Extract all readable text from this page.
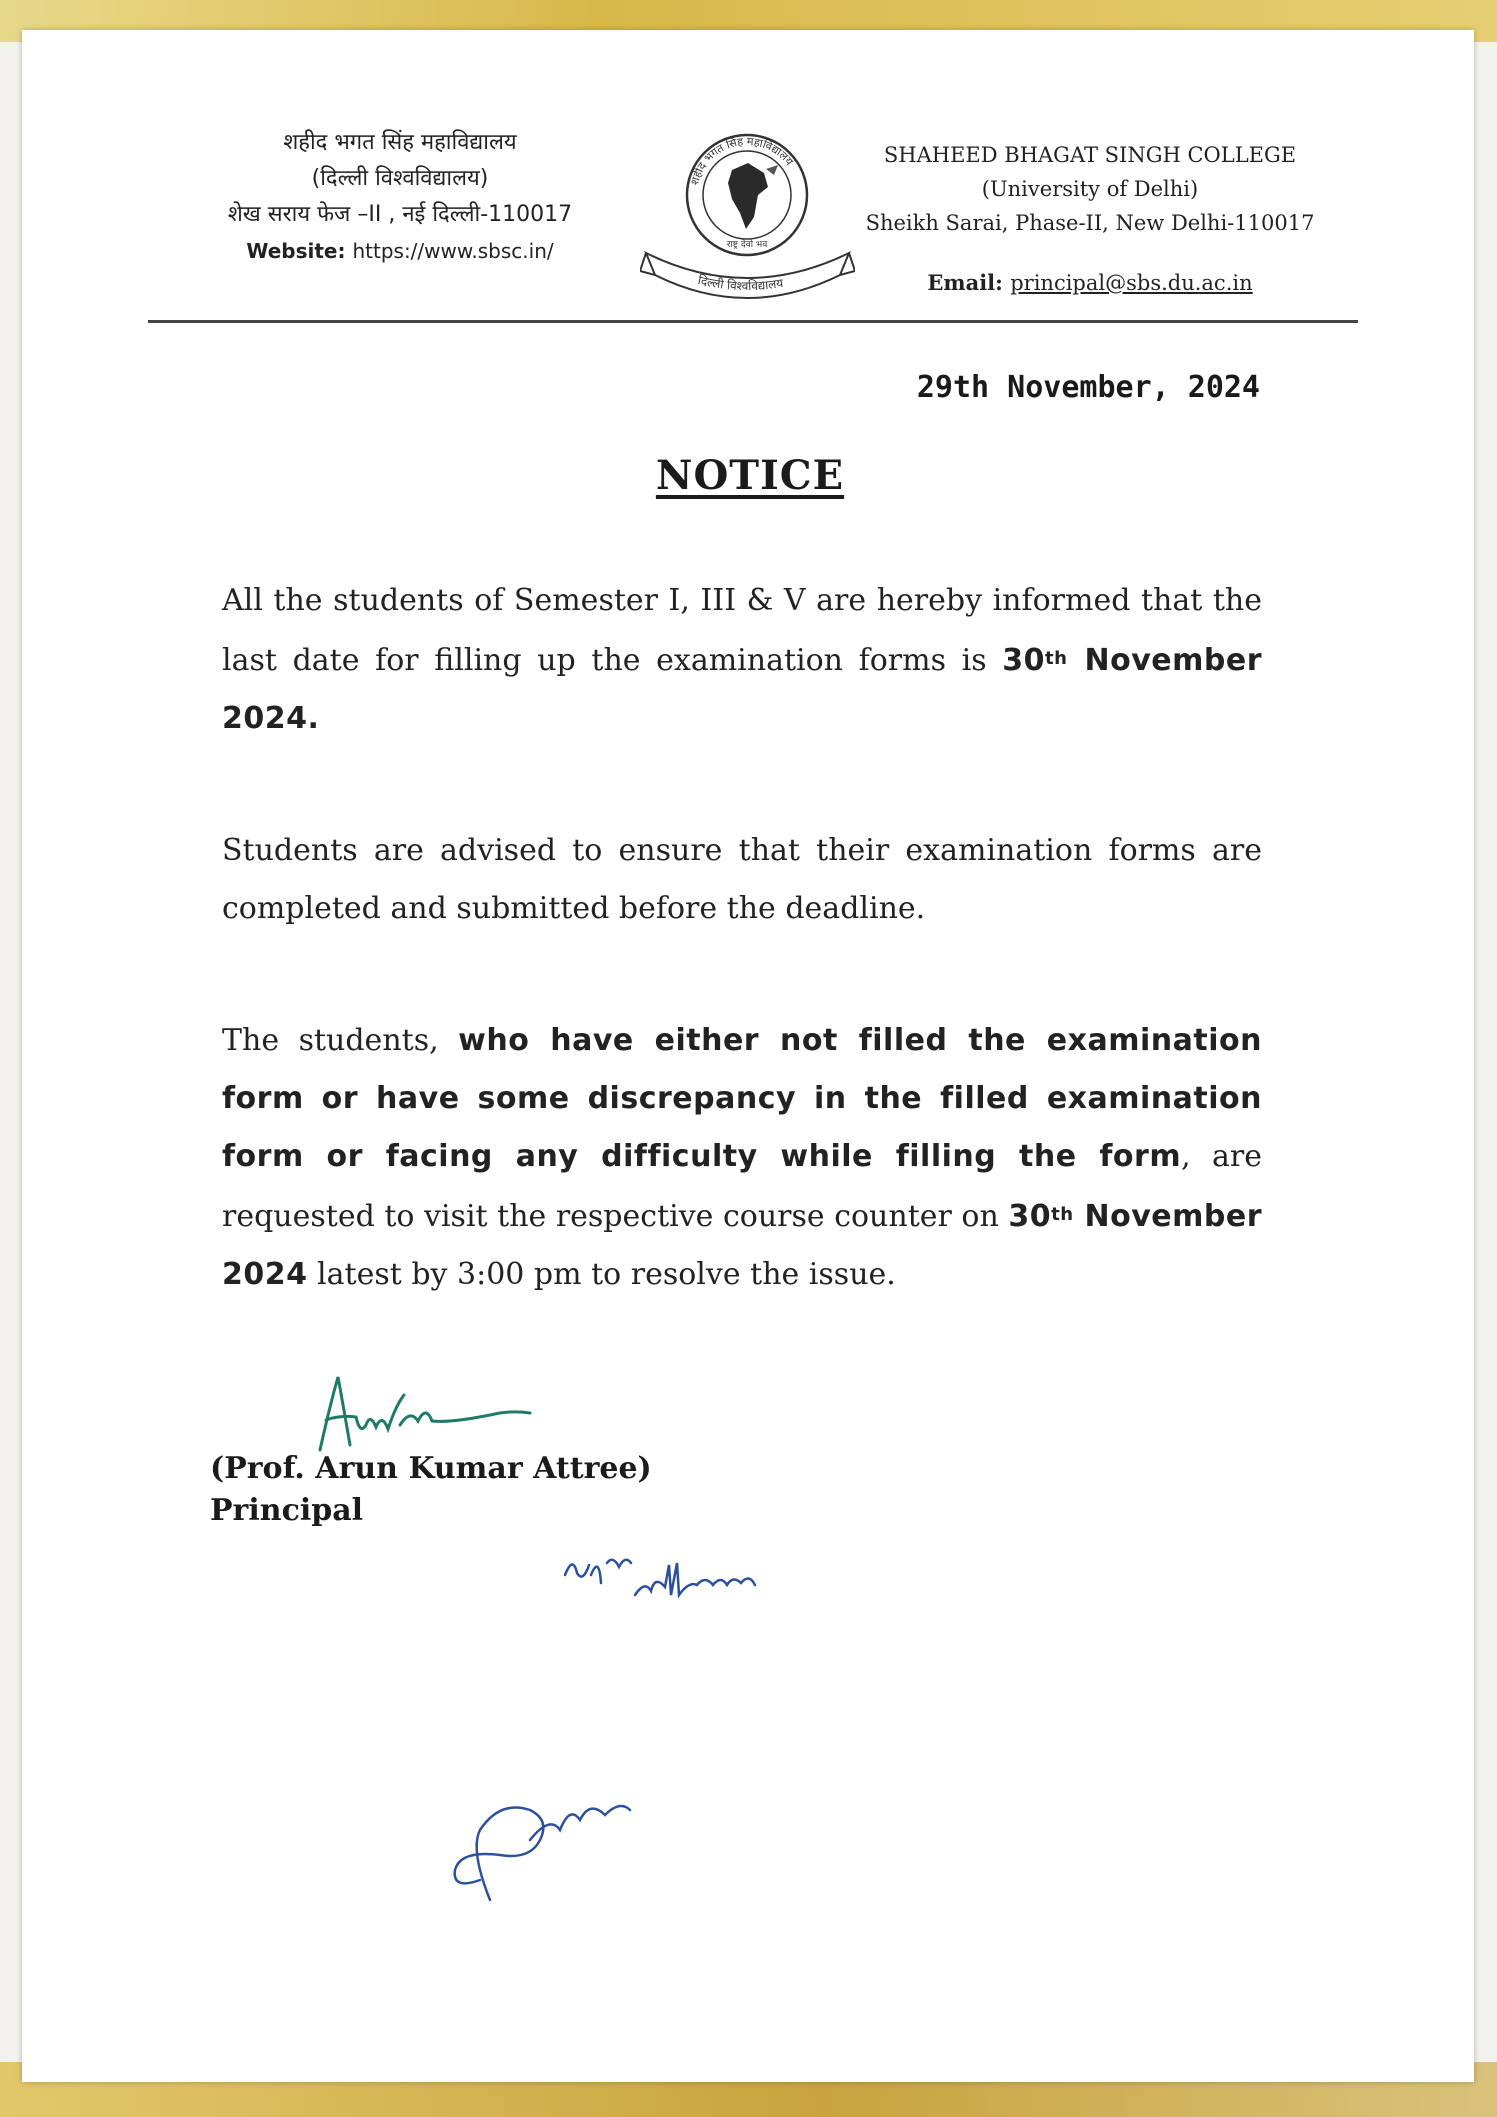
शहीद भगत सिंह महाविद्यालय
(दिल्ली विश्वविद्यालय)
शेख सराय फेज –II , नई दिल्ली-110017
Website: https://www.sbsc.in/
शहीद भगत सिंह महाविद्यालय
राष्ट्र देवो भव
दिल्ली विश्वविद्यालय
SHAHEED BHAGAT SINGH COLLEGE
(University of Delhi)
Sheikh Sarai, Phase-II, New Delhi-110017
Email: principal@sbs.du.ac.in
29th November, 2024
NOTICE
All the students of Semester I, III & V are hereby informed that the last date for filling up the examination forms is 30th November 2024.
Students are advised to ensure that their examination forms are completed and submitted before the deadline.
The students, who have either not filled the examination form or have some discrepancy in the filled examination form or facing any difficulty while filling the form, are requested to visit the respective course counter on 30th November 2024 latest by 3:00 pm to resolve the issue.
(Prof. Arun Kumar Attree)
Principal
